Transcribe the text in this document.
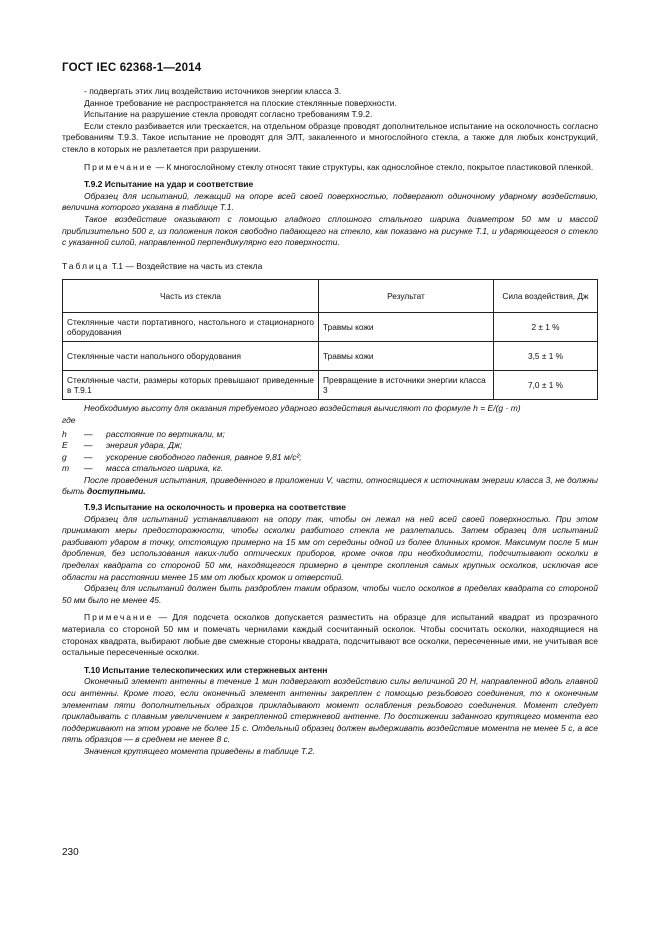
ГОСТ IEC 62368-1—2014

- подвергать этих лиц воздействию источников энергии класса 3.

Данное требование не распространяется на плоские стеклянные поверхности.

Испытание на разрушение стекла проводят согласно требованиям Т.9.2.

Если стекло разбивается или трескается, на отдельном образце проводят дополнительное испытание на осколочность согласно требованиям Т.9.3. Такое испытание не проводят для ЭЛТ, закаленного и многослойного стекла, а также для любых конструкций, стекло в которых не разлетается при разрушении.

Примечание — К многослойному стеклу относят такие структуры, как однослойное стекло, покрытое пластиковой пленкой.

Т.9.2 Испытание на удар и соответствие

Образец для испытаний, лежащий на опоре всей своей поверхностью, подвергают одиночному ударному воздействию, величина которого указана в таблице Т.1.

Такое воздействие оказывают с помощью гладкого сплошного стального шарика диаметром 50 мм и массой приблизительно 500 г, из положения покоя свободно падающего на стекло, как показано на рисунке Т.1, и ударяющегося о стекло с указанной силой, направленной перпендикулярно его поверхности.

Таблица Т.1 — Воздействие на часть из стекла

Часть из стекла	Результат	Сила воздействия, Дж
Стеклянные части портативного, настольного и стационарного оборудования	Травмы кожи	2 ± 1 %
Стеклянные части напольного оборудования	Травмы кожи	3,5 ± 1 %
Стеклянные части, размеры которых превышают приведенные в Т.9.1	Превращение в источники энергии класса 3	7,0 ± 1 %

Необходимую высоту для оказания требуемого ударного воздействия вычисляют по формуле h = E/(g · m)

где

h	—	расстояние по вертикали, м;
E	—	энергия удара, Дж;
g	—	ускорение свободного падения, равное 9,81 м/с²;
m	—	масса стального шарика, кг.

После проведения испытания, приведенного в приложении V, части, относящиеся к источникам энергии класса 3, не должны быть доступными.

Т.9.3 Испытание на осколочность и проверка на соответствие

Образец для испытаний устанавливают на опору так, чтобы он лежал на ней всей своей поверхностью. При этом принимают меры предосторожности, чтобы осколки разбитого стекла не разлетались. Затем образец для испытаний разбивают ударом в точку, отстоящую примерно на 15 мм от середины одной из более длинных кромок. Максимум после 5 мин дробления, без использования каких-либо оптических приборов, кроме очков при необходимости, подсчитывают осколки в пределах квадрата со стороной 50 мм, находящегося примерно в центре скопления самых крупных осколков, исключая все области на расстоянии менее 15 мм от любых кромок и отверстий.

Образец для испытаний должен быть раздроблен таким образом, чтобы число осколков в пределах квадрата со стороной 50 мм было не менее 45.

Примечание — Для подсчета осколков допускается разместить на образце для испытаний квадрат из прозрачного материала со стороной 50 мм и помечать чернилами каждый сосчитанный осколок. Чтобы сосчитать осколки, находящиеся на сторонах квадрата, выбирают любые две смежные стороны квадрата, подсчитывают все осколки, пересеченные ими, не учитывая все остальные пересеченные осколки.

Т.10 Испытание телескопических или стержневых антенн

Оконечный элемент антенны в течение 1 мин подвергают воздействию силы величиной 20 Н, направленной вдоль главной оси антенны. Кроме того, если оконечный элемент антенны закреплен с помощью резьбового соединения, то к оконечным элементам пяти дополнительных образцов прикладывают момент ослабления резьбового соединения. Момент следует прикладывать с плавным увеличением к закрепленной стержневой антенне. По достижении заданного крутящего момента его поддерживают на этом уровне не более 15 с. Отдельный образец должен выдерживать воздействие момента не менее 5 с, а все пять образцов — в среднем не менее 8 с.

Значения крутящего момента приведены в таблице Т.2.

230
